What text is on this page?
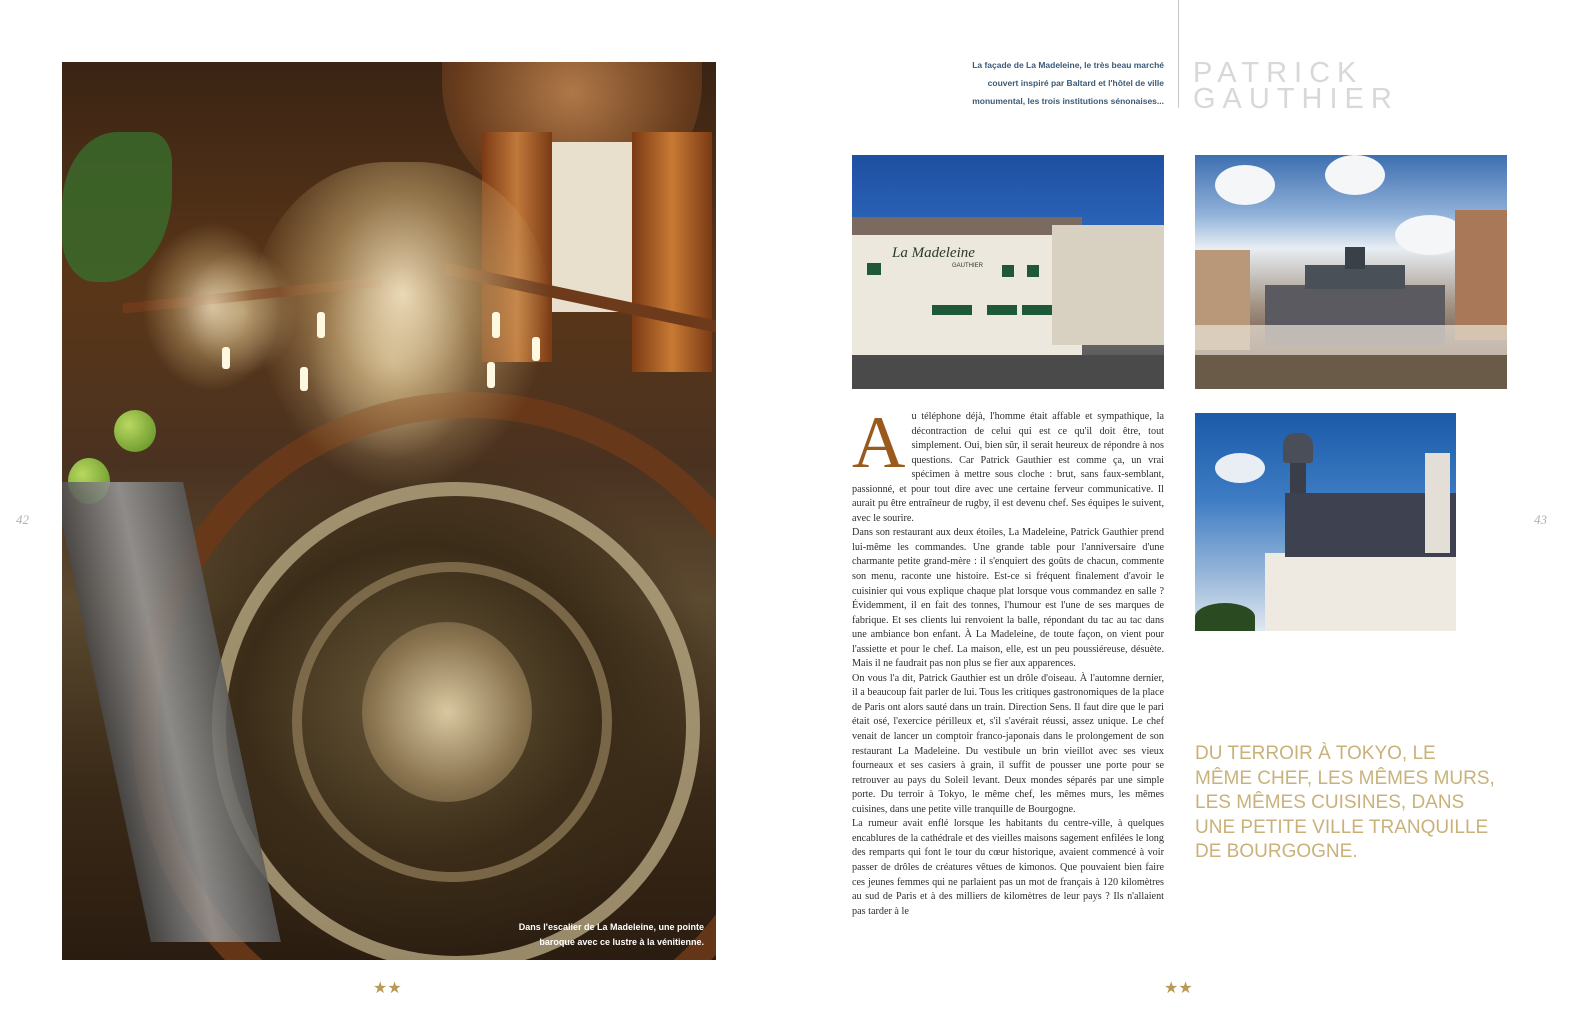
42	43
Dans l'escalier de La Madeleine, une pointe
baroque avec ce lustre à la vénitienne.
La façade de La Madeleine, le très beau marché
couvert inspiré par Baltard et l'hôtel de ville
monumental, les trois institutions sénonaises...
PATRICK
GAUTHIER
La Madeleine
GAUTHIER
A u téléphone déjà, l'homme était affable et sympathique, la décontraction de celui qui est ce qu'il doit être, tout simplement. Oui, bien sûr, il serait heureux de répondre à nos questions. Car Patrick Gauthier est comme ça, un vrai spécimen à mettre sous cloche : brut, sans faux-semblant, passionné, et pour tout dire avec une certaine ferveur communicative. Il aurait pu être entraîneur de rugby, il est devenu chef. Ses équipes le suivent, avec le sourire.

Dans son restaurant aux deux étoiles, La Madeleine, Patrick Gauthier prend lui-même les commandes. Une grande table pour l'anniversaire d'une charmante petite grand-mère : il s'enquiert des goûts de chacun, commente son menu, raconte une histoire. Est-ce si fréquent finalement d'avoir le cuisinier qui vous explique chaque plat lorsque vous commandez en salle ? Évidemment, il en fait des tonnes, l'humour est l'une de ses marques de fabrique. Et ses clients lui renvoient la balle, répondant du tac au tac dans une ambiance bon enfant. À La Madeleine, de toute façon, on vient pour l'assiette et pour le chef. La maison, elle, est un peu poussiéreuse, désuète. Mais il ne faudrait pas non plus se fier aux apparences.

On vous l'a dit, Patrick Gauthier est un drôle d'oiseau. À l'automne dernier, il a beaucoup fait parler de lui. Tous les critiques gastronomiques de la place de Paris ont alors sauté dans un train. Direction Sens. Il faut dire que le pari était osé, l'exercice périlleux et, s'il s'avérait réussi, assez unique. Le chef venait de lancer un comptoir franco-japonais dans le prolongement de son restaurant La Madeleine. Du vestibule un brin vieillot avec ses vieux fourneaux et ses casiers à grain, il suffit de pousser une porte pour se retrouver au pays du Soleil levant. Deux mondes séparés par une simple porte. Du terroir à Tokyo, le même chef, les mêmes murs, les mêmes cuisines, dans une petite ville tranquille de Bourgogne.

La rumeur avait enflé lorsque les habitants du centre-ville, à quelques encablures de la cathédrale et des vieilles maisons sagement enfilées le long des remparts qui font le tour du cœur historique, avaient commencé à voir passer de drôles de créatures vêtues de kimonos. Que pouvaient bien faire ces jeunes femmes qui ne parlaient pas un mot de français à 120 kilomètres au sud de Paris et à des milliers de kilomètres de leur pays ? Ils n'allaient pas tarder à le

DU TERROIR À TOKYO, LE MÊME CHEF, LES MÊMES MURS, LES MÊMES CUISINES, DANS UNE PETITE VILLE TRANQUILLE DE BOURGOGNE.
★★	★★
